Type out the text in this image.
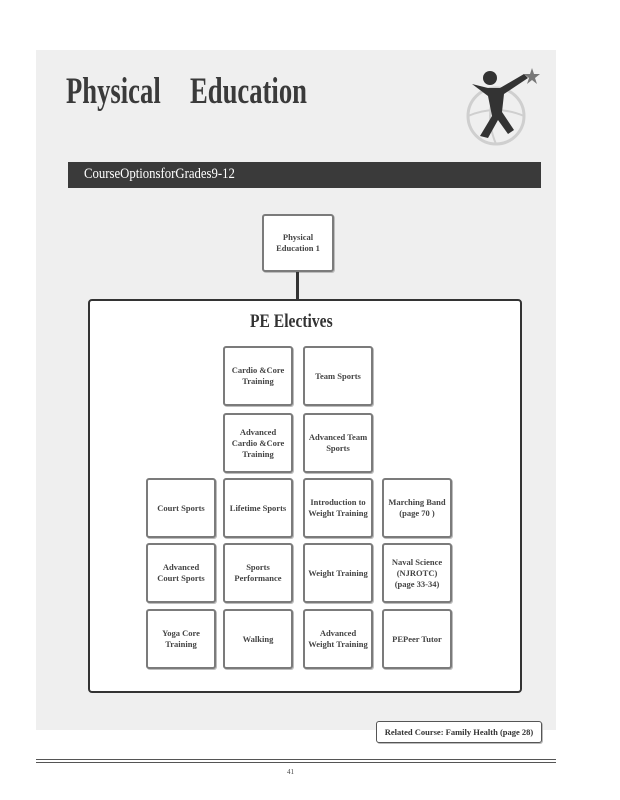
Physical Education
CourseOptionsforGrades9-12
Physical Education 1
PE Electives
Cardio &Core Training
Team Sports
Advanced Cardio &Core Training
Advanced Team Sports
Court Sports	Lifetime Sports
Introduction to Weight Training
Marching Band (page 70 )
Advanced Court Sports
Sports Performance
Weight Training
Naval Science (NJROTC) (page 33-34)
Yoga Core Training
Walking
Advanced Weight Training
PEPeer Tutor
Related Course: Family Health (page 28)
41
